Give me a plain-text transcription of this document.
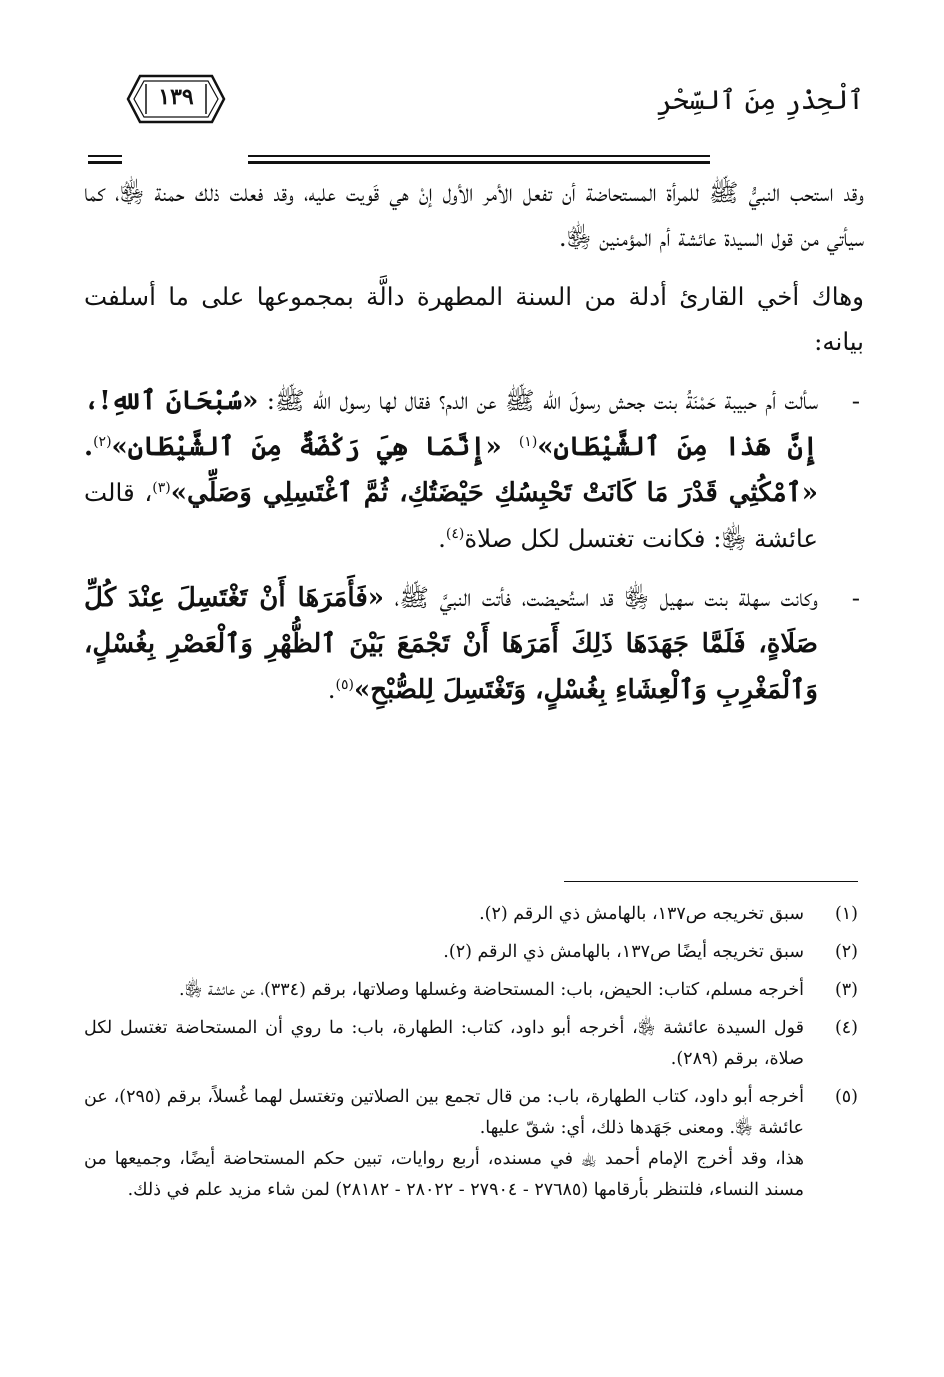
ٱلْحِذْرِ مِنَ ٱلسِّحْرِ
١٣٩

وقد استحب النبيُّ ﷺ للمرأة المستحاضة أن تفعل الأمر الأول إنْ هي قَويت عليه، وقد فعلت ذلك حمنة ﵂، كما سيأتي من قول السيدة عائشة أم المؤمنين ﵂.

وهاك أخي القارئ أدلة من السنة المطهرة دالَّة بمجموعها على ما أسلفت بيانه:

-
سألت أم حبيبة حَمْنَةُ بنت جحش رسولَ الله ﷺ عن الدم؟ فقال لها رسول الله ﷺ: «سُبْحَانَ ٱللهِ!، إِنَّ هَذا مِنَ ٱلشَّيْطَانِ»$^{(١)}$ «إِنَّمَا هِيَ رَكْضَةٌ مِنَ ٱلشَّيْطَانِ»$^{(٢)}$. «ٱمْكُثِي قَدْرَ مَا كَانَتْ تَحْبِسُكِ حَيْضَتُكِ، ثُمَّ ٱغْتَسِلِي وَصَلِّي»$^{(٣)}$، قالت عائشة ﵂: فكانت تغتسل لكل صلاة$^{(٤)}$.
-
وكانت سهلة بنت سهيل ﵂ قد استُحيضت، فأتت النبيَّ ﷺ، «فَأَمَرَهَا أَنْ تَغْتَسِلَ عِنْدَ كُلِّ صَلَاةٍ، فَلَمَّا جَهَدَهَا ذَلِكَ أَمَرَهَا أَنْ تَجْمَعَ بَيْنَ ٱلظُّهْرِ وَٱلْعَصْرِ بِغُسْلٍ، وَٱلْمَغْرِبِ وَٱلْعِشَاءِ بِغُسْلٍ، وَتَغْتَسِلَ لِلصُّبْحِ»$^{(٥)}$.
(١)
سبق تخريجه ص١٣٧، بالهامش ذي الرقم (٢).
(٢)
سبق تخريجه أيضًا ص١٣٧، بالهامش ذي الرقم (٢).
(٣)
أخرجه مسلم، كتاب: الحيض، باب: المستحاضة وغسلها وصلاتها، برقم (٣٣٤)، عن عائشة ﵂.
(٤)
قول السيدة عائشة ﵂، أخرجه أبو داود، كتاب: الطهارة، باب: ما روي أن المستحاضة تغتسل لكل صلاة، برقم (٢٨٩).
(٥)
أخرجه أبو داود، كتاب الطهارة، باب: من قال تجمع بين الصلاتين وتغتسل لهما غُسلاً، برقم (٢٩٥)، عن عائشة ﵂. ومعنى جَهَدها ذلك، أي: شقّ عليها.
هذا، وقد أخرج الإمام أحمد ﵀ في مسنده، أربع روايات، تبين حكم المستحاضة أيضًا، وجميعها من مسند النساء، فلتنظر بأرقامها (٢٧٦٨٥ - ٢٧٩٠٤ - ٢٨٠٢٢ - ٢٨١٨٢) لمن شاء مزيد علم في ذلك.
